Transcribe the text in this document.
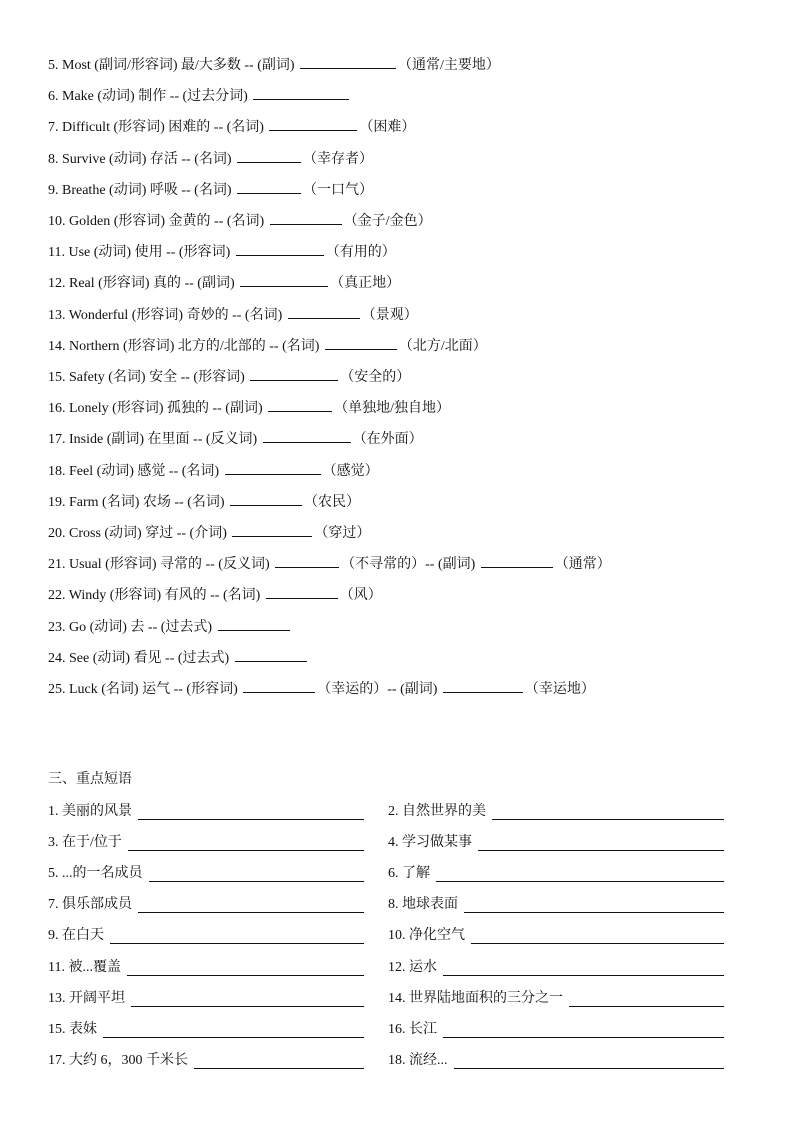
5. Most (副词/形容词) 最/大多数 -- (副词)	（通常/主要地）
6. Make (动词) 制作 -- (过去分词)
7. Difficult (形容词) 困难的 -- (名词)	（困难）
8. Survive (动词) 存活 -- (名词)	（幸存者）
9. Breathe (动词) 呼吸 -- (名词)	（一口气）
10. Golden (形容词) 金黄的 -- (名词)	（金子/金色）
11. Use (动词) 使用 -- (形容词)	（有用的）
12. Real (形容词) 真的 -- (副词)	（真正地）
13. Wonderful (形容词) 奇妙的 -- (名词)	（景观）
14. Northern (形容词) 北方的/北部的 -- (名词)	（北方/北面）
15. Safety (名词) 安全 -- (形容词)	（安全的）
16. Lonely (形容词) 孤独的 -- (副词)	（单独地/独自地）
17. Inside (副词) 在里面 -- (反义词)	（在外面）
18. Feel (动词) 感觉 -- (名词)	（感觉）
19. Farm (名词) 农场 -- (名词)	（农民）
20. Cross (动词) 穿过 -- (介词)	（穿过）
21. Usual (形容词) 寻常的 -- (反义词)	（不寻常的）-- (副词)	（通常）
22. Windy (形容词) 有风的 -- (名词)	（风）
23. Go (动词) 去 -- (过去式)
24. See (动词) 看见 -- (过去式)
25. Luck (名词) 运气 -- (形容词)	（幸运的）-- (副词)	（幸运地）
三、重点短语
1. 美丽的风景	2. 自然世界的美
3. 在于/位于	4. 学习做某事
5. ...的一名成员	6. 了解
7. 俱乐部成员	8. 地球表面
9. 在白天	10. 净化空气
11. 被...覆盖	12. 运水
13. 开阔平坦	14. 世界陆地面积的三分之一
15. 表妹	16. 长江
17. 大约 6，300 千米长	18. 流经...
